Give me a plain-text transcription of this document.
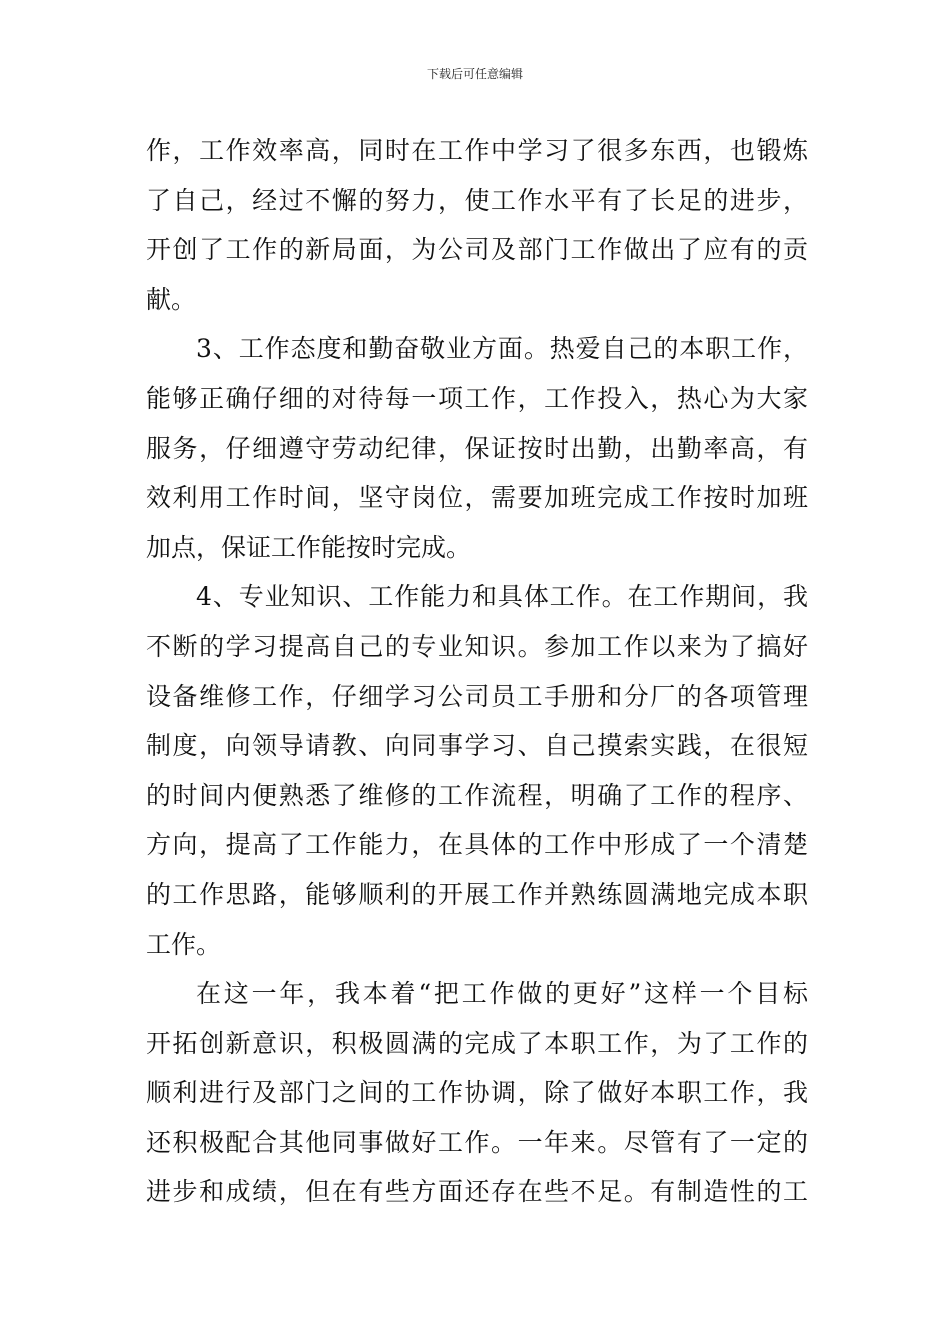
下载后可任意编辑
作，工作效率高，同时在工作中学习了很多东西，也锻炼
了自己，经过不懈的努力，使工作水平有了长足的进步，
开创了工作的新局面，为公司及部门工作做出了应有的贡
献。
3、工作态度和勤奋敬业方面。热爱自己的本职工作，
能够正确仔细的对待每一项工作，工作投入，热心为大家
服务，仔细遵守劳动纪律，保证按时出勤，出勤率高，有
效利用工作时间，坚守岗位，需要加班完成工作按时加班
加点，保证工作能按时完成。
4、专业知识、工作能力和具体工作。在工作期间，我
不断的学习提高自己的专业知识。参加工作以来为了搞好
设备维修工作，仔细学习公司员工手册和分厂的各项管理
制度，向领导请教、向同事学习、自己摸索实践，在很短
的时间内便熟悉了维修的工作流程，明确了工作的程序、
方向，提高了工作能力，在具体的工作中形成了一个清楚
的工作思路，能够顺利的开展工作并熟练圆满地完成本职
工作。
在这一年，我本着“把工作做的更好”这样一个目标
开拓创新意识，积极圆满的完成了本职工作，为了工作的
顺利进行及部门之间的工作协调，除了做好本职工作，我
还积极配合其他同事做好工作。一年来。尽管有了一定的
进步和成绩，但在有些方面还存在些不足。有制造性的工
